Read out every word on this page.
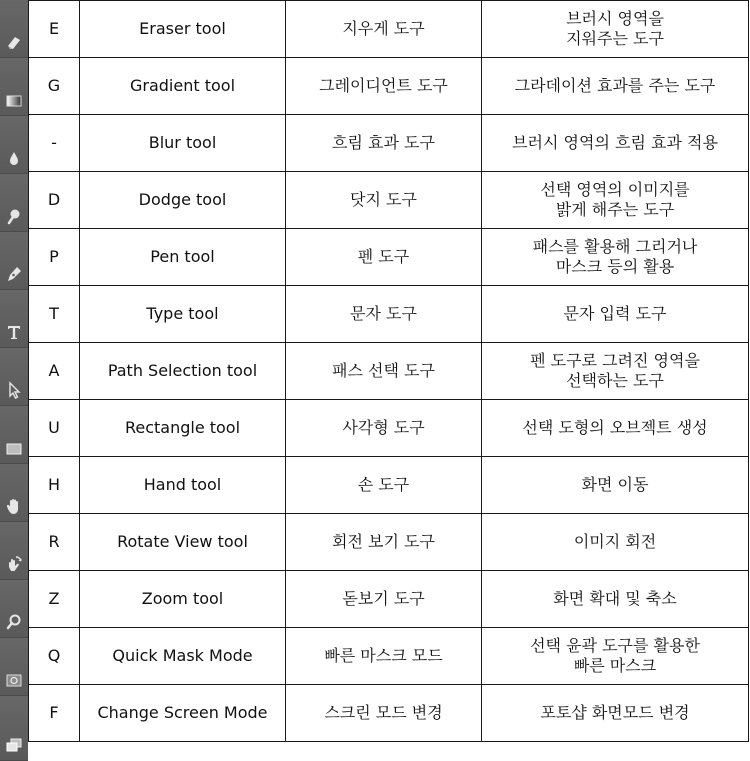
E	Eraser tool	지우게 도구	브러시 영역을
지워주는 도구
G	Gradient tool	그레이디언트 도구	그라데이션 효과를 주는 도구
-	Blur tool	흐림 효과 도구	브러시 영역의 흐림 효과 적용
D	Dodge tool	닷지 도구	선택 영역의 이미지를
밝게 해주는 도구
P	Pen tool	펜 도구	패스를 활용해 그리거나
마스크 등의 활용
T	Type tool	문자 도구	문자 입력 도구
A	Path Selection tool	패스 선택 도구	펜 도구로 그려진 영역을
선택하는 도구
U	Rectangle tool	사각형 도구	선택 도형의 오브젝트 생성
H	Hand tool	손 도구	화면 이동
R	Rotate View tool	회전 보기 도구	이미지 회전
Z	Zoom tool	돋보기 도구	화면 확대 및 축소
Q	Quick Mask Mode	빠른 마스크 모드	선택 윤곽 도구를 활용한
빠른 마스크
F	Change Screen Mode	스크린 모드 변경	포토샵 화면모드 변경
